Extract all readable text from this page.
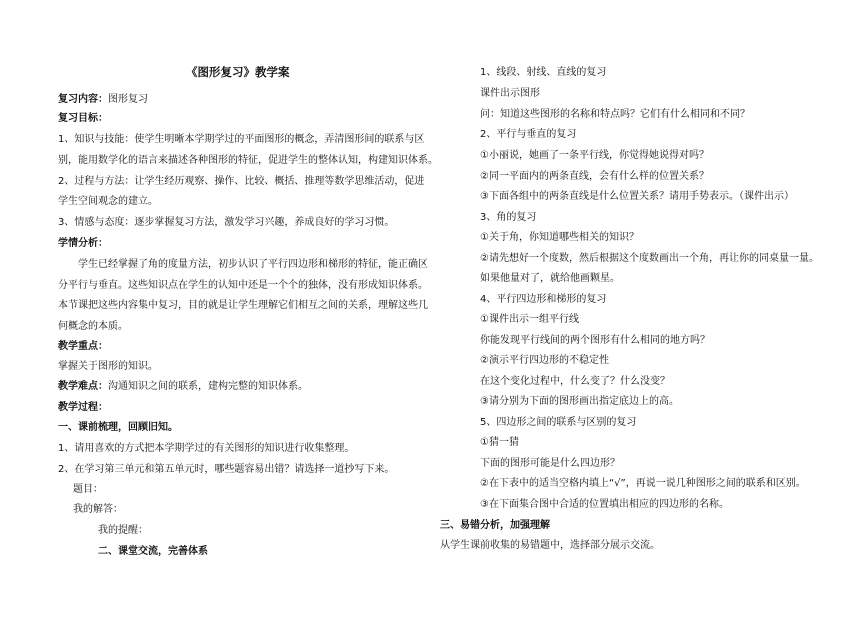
《图形复习》教学案
复习内容：图形复习
复习目标：
1、知识与技能：使学生明晰本学期学过的平面图形的概念，弄清图形间的联系与区
别，能用数学化的语言来描述各种图形的特征，促进学生的整体认知，构建知识体系。
2、过程与方法：让学生经历观察、操作、比较、概括、推理等数学思维活动，促进
学生空间观念的建立。
3、情感与态度：逐步掌握复习方法，激发学习兴趣，养成良好的学习习惯。
学情分析：
学生已经掌握了角的度量方法，初步认识了平行四边形和梯形的特征，能正确区
分平行与垂直。这些知识点在学生的认知中还是一个个的独体，没有形成知识体系。
本节课把这些内容集中复习，目的就是让学生理解它们相互之间的关系，理解这些几
何概念的本质。
教学重点：
掌握关于图形的知识。
教学难点：沟通知识之间的联系，建构完整的知识体系。
教学过程：
一、课前梳理，回顾旧知。
1、请用喜欢的方式把本学期学过的有关图形的知识进行收集整理。
2、在学习第三单元和第五单元时，哪些题容易出错？请选择一道抄写下来。
题目：
我的解答：
我的提醒：
二、课堂交流，完善体系
1、线段、射线、直线的复习
课件出示图形
问：知道这些图形的名称和特点吗？它们有什么相同和不同？
2、平行与垂直的复习
①小丽说，她画了一条平行线，你觉得她说得对吗？
②同一平面内的两条直线，会有什么样的位置关系？
③下面各组中的两条直线是什么位置关系？请用手势表示。（课件出示）
3、角的复习
①关于角，你知道哪些相关的知识？
②请先想好一个度数，然后根据这个度数画出一个角，再让你的同桌量一量。
如果他量对了，就给他画颗星。
4、平行四边形和梯形的复习
①课件出示一组平行线
你能发现平行线间的两个图形有什么相同的地方吗？
②演示平行四边形的不稳定性
在这个变化过程中，什么变了？什么没变？
③请分别为下面的图形画出指定底边上的高。
5、四边形之间的联系与区别的复习
①猜一猜
下面的图形可能是什么四边形？
②在下表中的适当空格内填上“√”，再说一说几种图形之间的联系和区别。
③在下面集合图中合适的位置填出相应的四边形的名称。
三、易错分析，加强理解
从学生课前收集的易错题中，选择部分展示交流。
